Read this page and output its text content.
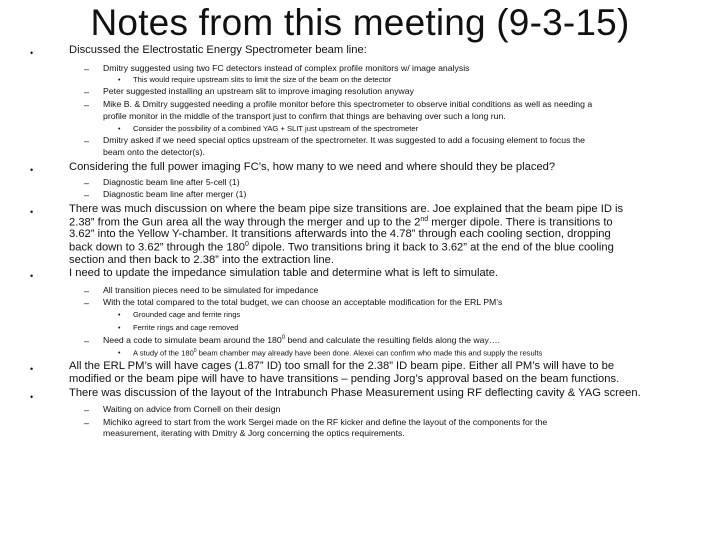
Notes from this meeting (9-3-15)
•	Discussed the Electrostatic Energy Spectrometer beam line:
– Dmitry suggested using two FC detectors instead of complex profile monitors w/ image analysis
• This would require upstream slits to limit the size of the beam on the detector
– Peter suggested installing an upstream slit to improve imaging resolution anyway
– Mike B. & Dmitry suggested needing a profile monitor before this spectrometer to observe initial conditions as well as needing a
profile monitor in the middle of the transport just to confirm that things are behaving over such a long run.
• Consider the possibility of a combined YAG + SLIT just upstream of the spectrometer
– Dmitry asked if we need special optics upstream of the spectrometer. It was suggested to add a focusing element to focus the
beam onto the detector(s).
•	Considering the full power imaging FC’s, how many to we need and where should they be placed?
– Diagnostic beam line after 5-cell (1)
– Diagnostic beam line after merger (1)
•	There was much discussion on where the beam pipe size transitions are. Joe explained that the beam pipe ID is
2.38” from the Gun area all the way through the merger and up to the 2nd merger dipole. There is transitions to
3.62” into the Yellow Y-chamber. It transitions afterwards into the 4.78” through each cooling section, dropping
back down to 3.62” through the $180^0$ dipole. Two transitions bring it back to 3.62” at the end of the blue cooling
section and then back to 2.38” into the extraction line.
•	I need to update the impedance simulation table and determine what is left to simulate.
– All transition pieces need to be simulated for impedance
– With the total compared to the total budget, we can choose an acceptable modification for the ERL PM’s
• Grounded cage and ferrite rings
• Ferrite rings and cage removed
– Need a code to simulate beam around the $180^0$ bend and calculate the resulting fields along the way….
• A study of the $180^0$ beam chamber may already have been done. Alexei can confirm who made this and supply the results
•	All the ERL PM’s will have cages (1.87” ID) too small for the 2.38” ID beam pipe. Either all PM’s will have to be
modified or the beam pipe will have to have transitions – pending Jorg’s approval based on the beam functions.
•	There was discussion of the layout of the Intrabunch Phase Measurement using RF deflecting cavity & YAG screen.
– Waiting on advice from Cornell on their design
– Michiko agreed to start from the work Sergei made on the RF kicker and define the layout of the components for the
measurement, iterating with Dmitry & Jorg concerning the optics requirements.
